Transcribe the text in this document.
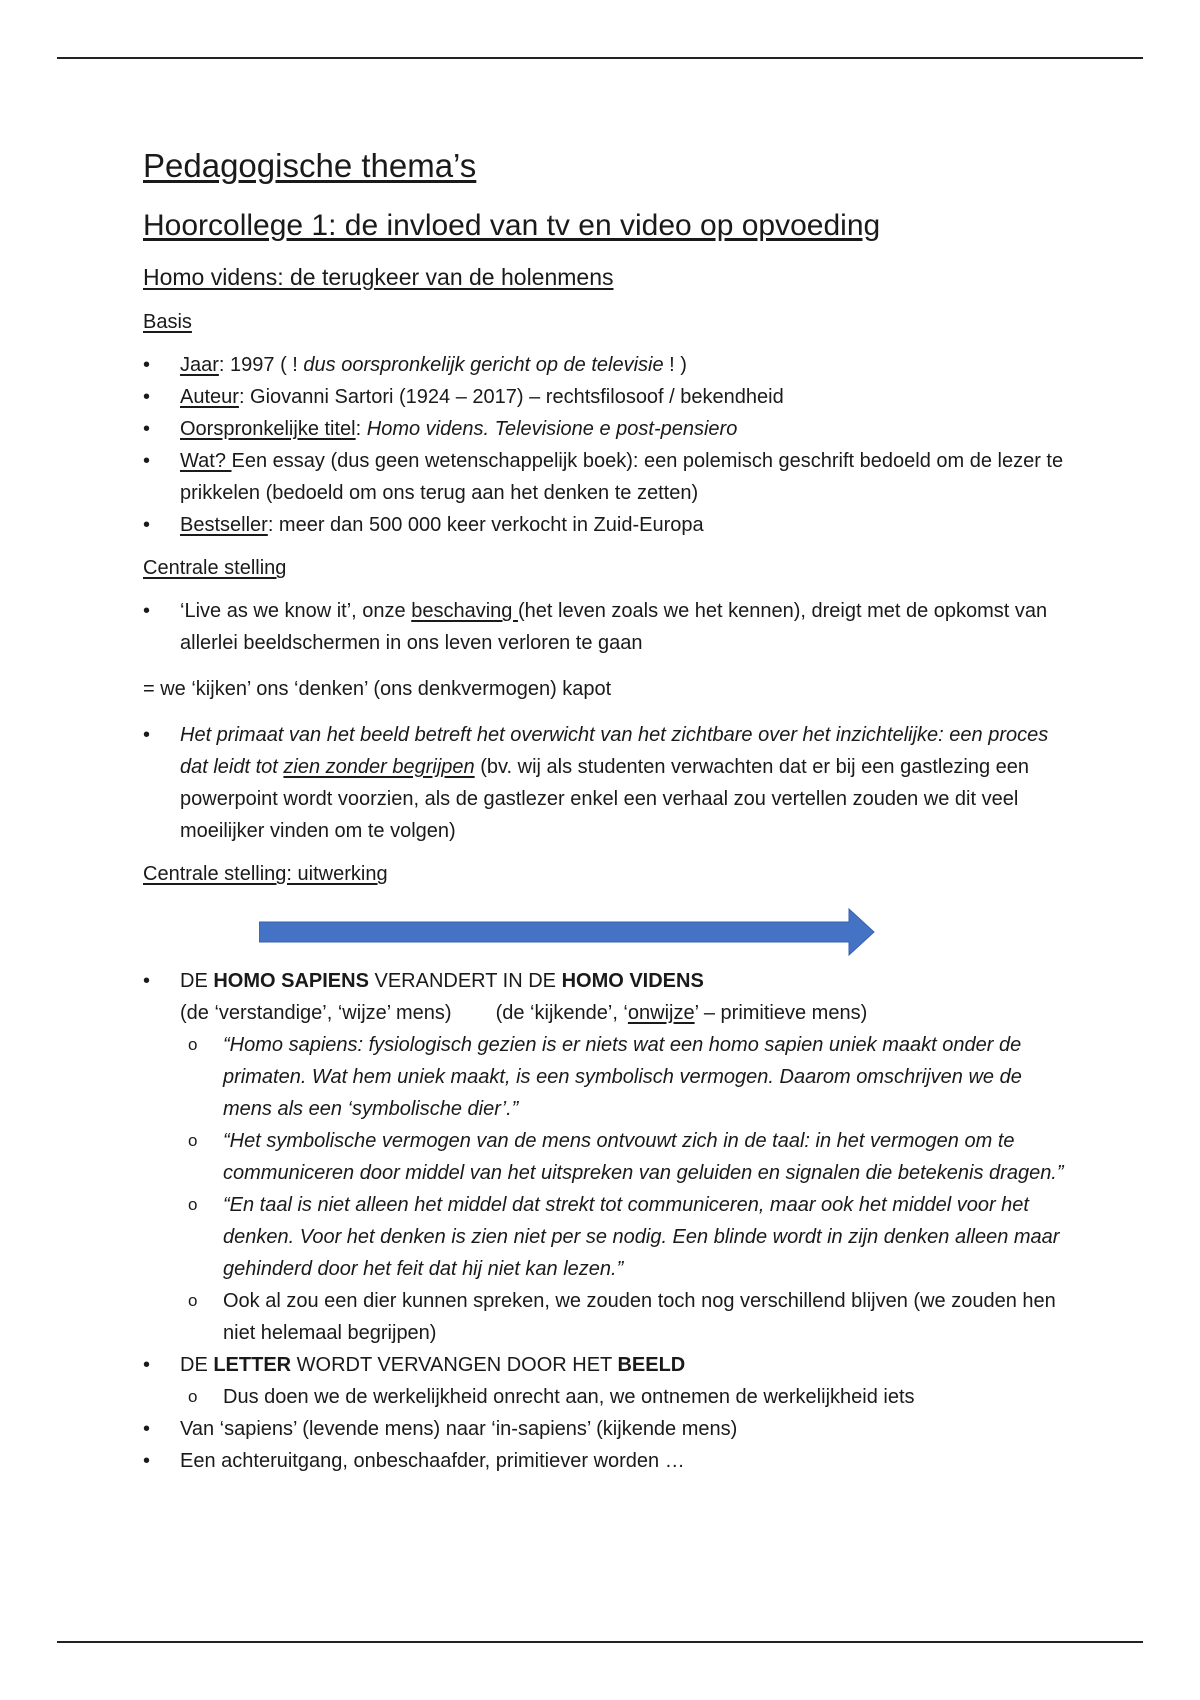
Pedagogische thema’s
Hoorcollege 1: de invloed van tv en video op opvoeding
Homo videns: de terugkeer van de holenmens
Basis
• Jaar: 1997 ( ! dus oorspronkelijk gericht op de televisie ! )
• Auteur: Giovanni Sartori (1924 – 2017) – rechtsfilosoof / bekendheid
• Oorspronkelijke titel: Homo videns. Televisione e post-pensiero
• Wat? Een essay (dus geen wetenschappelijk boek): een polemisch geschrift bedoeld om de lezer te prikkelen (bedoeld om ons terug aan het denken te zetten)
• Bestseller: meer dan 500 000 keer verkocht in Zuid-Europa
Centrale stelling
• ‘Live as we know it’, onze beschaving (het leven zoals we het kennen), dreigt met de opkomst van allerlei beeldschermen in ons leven verloren te gaan
= we ‘kijken’ ons ‘denken’ (ons denkvermogen) kapot
• Het primaat van het beeld betreft het overwicht van het zichtbare over het inzichtelijke: een proces dat leidt tot zien zonder begrijpen (bv. wij als studenten verwachten dat er bij een gastlezing een powerpoint wordt voorzien, als de gastlezer enkel een verhaal zou vertellen zouden we dit veel moeilijker vinden om te volgen)
Centrale stelling: uitwerking
• DE HOMO SAPIENS VERANDERT IN DE HOMO VIDENS
(de ‘verstandige’, ‘wijze’ mens) (de ‘kijkende’, ‘onwijze’ – primitieve mens)
o “Homo sapiens: fysiologisch gezien is er niets wat een homo sapien uniek maakt onder de primaten. Wat hem uniek maakt, is een symbolisch vermogen. Daarom omschrijven we de mens als een ‘symbolische dier’.”
o “Het symbolische vermogen van de mens ontvouwt zich in de taal: in het vermogen om te communiceren door middel van het uitspreken van geluiden en signalen die betekenis dragen.”
o “En taal is niet alleen het middel dat strekt tot communiceren, maar ook het middel voor het denken. Voor het denken is zien niet per se nodig. Een blinde wordt in zijn denken alleen maar gehinderd door het feit dat hij niet kan lezen.”
o Ook al zou een dier kunnen spreken, we zouden toch nog verschillend blijven (we zouden hen niet helemaal begrijpen)
• DE LETTER WORDT VERVANGEN DOOR HET BEELD
o Dus doen we de werkelijkheid onrecht aan, we ontnemen de werkelijkheid iets
• Van ‘sapiens’ (levende mens) naar ‘in-sapiens’ (kijkende mens)
• Een achteruitgang, onbeschaafder, primitiever worden …
